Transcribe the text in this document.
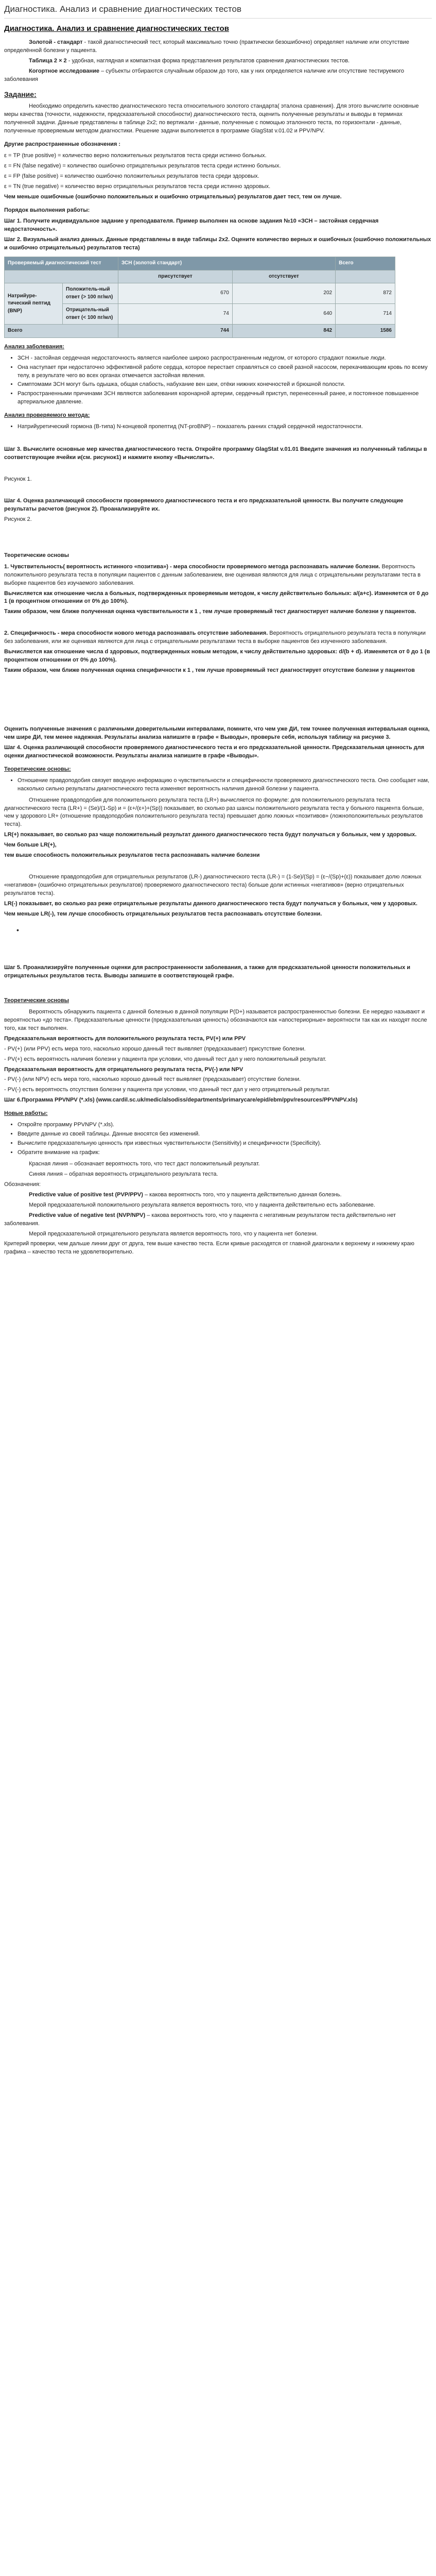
Диагностика. Анализ и сравнение диагностических тестов
Диагностика. Анализ и сравнение диагностических тестов

Золотой - стандарт - такой диагностический тест, который максимально точно (практически безошибочно) определяет наличие или отсутствие определённой болезни у пациента.

Таблица 2 × 2 - удобная, наглядная и компактная форма представления результатов сравнения диагностических тестов.

Когортное исследование – субъекты отбираются случайным образом до того, как у них определяется наличие или отсутствие тестируемого заболевания

Задание:

Необходимо определить качество диагностического теста относительного золотого стандарта( эталона сравнения). Для этого вычислите основные меры качества (точности, надежности, предсказательной способности) диагностического теста, оценить полученные результаты и выводы в терминах полученной задачи. Данные представлены в таблице 2х2; по вертикали - данные, полученные с помощью эталонного теста, по горизонтали - данные, полученные проверяемым методом диагностики. Решение задачи выполняется в программе GlagStat v.01.02 и PPV/NPV.

Другие распространенные обозначения :

ε = TP (true positive) = количество верно положительных результатов теста среди истинно больных.

ε = FN (false negative) = количество ошибочно отрицательных результатов теста среди истинно больных.

ε = FP (false positive) = количество ошибочно положительных результатов теста среди здоровых.

ε = TN (true negative) = количество верно отрицательных результатов теста среди истинно здоровых.

Чем меньше ошибочные (ошибочно положительных и ошибочно отрицательных) результатов дает тест, тем он лучше.

Порядок выполнения работы:

Шаг 1. Получите индивидуальное задание у преподавателя. Пример выполнен на основе задания №10 «ЗСН – застойная сердечная недостаточность».

Шаг 2. Визуальный анализ данных. Данные представлены в виде таблицы 2х2. Оцените количество верных и ошибочных (ошибочно положительных и ошибочно отрицательных) результатов теста)

Проверяемый диагностический тест		ЗСН (золотой стандарт)		Всего
		присутствует	отсутствует	
Натрийуре-тический пептид (BNP)	Положитель-ный ответ (> 100 пг/мл)	670	202	872
	Отрицатель-ный ответ (< 100 пг/мл)	74	640	714
Всего		744	842	1586
Анализ заболевания:
• ЗСН - застойная сердечная недостаточность является наиболее широко распространенным недугом, от которого страдают пожилые люди.
• Она наступает при недостаточно эффективной работе сердца, которое перестает справляться со своей разной насосом, перекачивающим кровь по всему телу, в результате чего во всех органах отмечается застойная явления.
• Симптомами ЗСН могут быть одышка, общая слабость, набухание вен шеи, отёки нижних конечностей и брюшной полости.
• Распространенными причинами ЗСН являются заболевания коронарной артерии, сердечный приступ, перенесенный ранее, и постоянное повышенное артериальное давление.
Анализ проверяемого метода:
• Натрийуретический гормона (В-типа) N-концевой пропептид (NT-proBNP) – показатель ранних стадий сердечной недостаточности.

Шаг 3. Вычислите основные мер качества диагностического теста. Откройте программу GlagStat v.01.01 Введите значения из полученный таблицы в соответствующие ячейки и(см. рисунок1) и нажмите кнопку «Вычислить».

Рисунок 1.

Шаг 4. Оценка различающей способности проверяемого диагностического теста и его предсказательной ценности. Вы получите следующие результаты расчетов (рисунок 2). Проанализируйте их.

Рисунок 2.

Теоретические основы

1. Чувствительность( вероятность истинного «позитива») - мера способности проверяемого метода распознавать наличие болезни. Вероятность положительного результата теста в популяции пациентов с данным заболеванием, вне оценивая являются для лица с отрицательными результатами теста в выборке пациентов без изучаемого заболевания.

Вычисляется как отношение числа а больных, подтвержденных проверяемым методом, к числу действительно больных: а/(а+с). Изменяется от 0 до 1 (в процентном отношении от 0% до 100%).

Таким образом, чем ближе полученная оценка чувствительности к 1 , тем лучше проверяемый тест диагностирует наличие болезни у пациентов.

2. Специфичность - мера способности нового метода распознавать отсутствие заболевания. Вероятность отрицательного результата теста в популяции без заболевания, или же оценивая являются для лица с отрицательными результатами теста в выборке пациентов без изученного заболевания.

Вычисляется как отношение числа d здоровых, подтвержденных новым методом, к числу действительно здоровых: d/(b + d). Изменяется от 0 до 1 (в процентном отношении от 0% до 100%).

Таким образом, чем ближе полученная оценка специфичности к 1 , тем лучше проверяемый тест диагностирует отсутствие болезни у пациентов

Оценить полученные значения с различными доверительными интервалами, помните, что чем уже ДИ, тем точнее полученная интервальная оценка, чем шире ДИ, тем менее надежная. Результаты анализа напишите в графе « Выводы», проверьте себя, используя таблицу на рисунке 3.

Шаг 4. Оценка различающей способности проверяемого диагностического теста и его предсказательной ценности. Предсказательная ценность для оценки диагностической возможности. Результаты анализа напишите в графе «Выводы».

Теоретические основы:
• Отношение правдоподобия связует вводную информацию о чувствительности и специфичности проверяемого диагностического теста. Оно сообщает нам, насколько сильно результаты диагностического теста изменяют вероятность наличия данной болезни у пациента.

Отношение правдоподобия для положительного результата теста (LR+) вычисляется по формуле: для положительного результата теста диагностического теста (LR+) = (Se)/(1-Sp) и = (ε+/(ε+)+(Sp)) показывает, во сколько раз шансы положительного результата теста у больного пациента больше, чем у здорового LR+ (отношение правдоподобия положительного результата теста) превышает долю ложных «позитивов» (ложноположительных результатов теста).

LR(+) показывает, во сколько раз чаще положительный результат данного диагностического теста будут получаться у больных, чем у здоровых.

Чем больше LR(+),

тем выше способность положительных результатов теста распознавать наличие болезни

Отношение правдоподобия для отрицательных результатов (LR-) диагностического теста (LR-) = (1-Se)/(Sp) = (ε−/(Sp)+(ε)) показывает долю ложных «негативов» (ошибочно отрицательных результатов) проверяемого диагностического теста) больше доли истинных «негативов» (верно отрицательных результатов теста).

LR(-) показывает, во сколько раз реже отрицательные результаты данного диагностического теста будут получаться у больных, чем у здоровых.

Чем меньше LR(-), тем лучше способность отрицательных результатов теста распознавать отсутствие болезни.

•

Шаг 5. Проанализируйте полученные оценки для распространенности заболевания, а также для предсказательной ценности положительных и отрицательных результатов теста. Выводы запишите в соответствующей графе.

Теоретические основы

Вероятность обнаружить пациента с данной болезнью в данной популяции Р(D+) называется распространенностью болезни. Ее нередко называют и вероятностью «до теста». Предсказательные ценности (предсказательная ценность) обозначаются как «апостериорные» вероятности так как их находят после того, как тест выполнен.

Предсказательная вероятность для положительного результата теста, PV(+) или PPV

- PV(+) (или PPV) есть мера того, насколько хорошо данный тест выявляет (предсказывает) присутствие болезни.

- PV(+) есть вероятность наличия болезни у пациента при условии, что данный тест дал у него положительный результат.

Предсказательная вероятность для отрицательного результата теста, PV(-) или NPV

- PV(-) (или NPV) есть мера того, насколько хорошо данный тест выявляет (предсказывает) отсутствие болезни.

- PV(-) есть вероятность отсутствия болезни у пациента при условии, что данный тест дал у него отрицательный результат.

Шаг 6.Программа PPVNPV (*.xls) (www.cardil.sc.uk/medic/alsodiss/departments/primarycare/epid/ebm/ppv/resources/PPVNPV.xls)

Новые работы:
• Откройте программу PPVNPV (*.xls).
• Введите данные из своей таблицы. Данные вносятся без изменений.
• Вычислите предсказательную ценность при известных чувствительности (Sensitivity) и специфичности (Specificity).
• Обратите внимание на график:

Красная линия – обозначает вероятность того, что тест даст положительный результат.

Синяя линия – обратная вероятность отрицательного результата теста.

Обозначения:

Predictive value of positive test (PVP/PPV) – какова вероятность того, что у пациента действительно данная болезнь.

Мерой предсказательной положительного результата является вероятность того, что у пациента действительно есть заболевание.

Predictive value of negative test (NVP/NPV) – какова вероятность того, что у пациента с негативным результатом теста действительно нет заболевания.

Мерой предсказательной отрицательного результата является вероятность того, что у пациента нет болезни.

Критерий проверки, чем дальше линии друг от друга, тем выше качество теста. Если кривые расходятся от главной диагонали к верхнему и нижнему краю графика – качество теста не удовлетворительно.
